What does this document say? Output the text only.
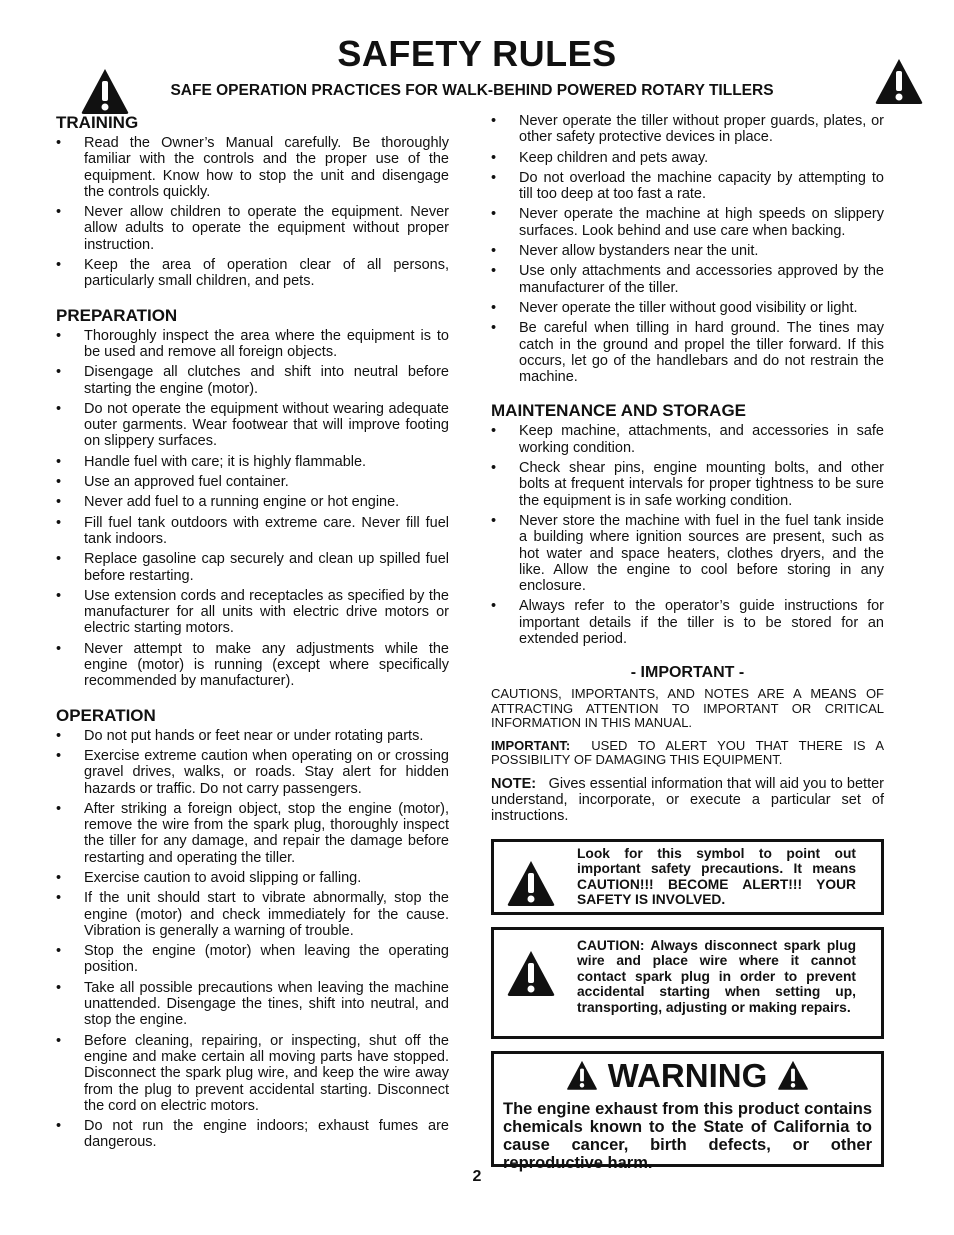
SAFETY RULES
SAFE OPERATION PRACTICES FOR WALK-BEHIND POWERED ROTARY TILLERS
TRAINING
• Read the Owner’s Manual carefully. Be thoroughly familiar with the controls and the proper use of the equipment. Know how to stop the unit and disengage the controls quickly.
• Never allow children to operate the equipment. Never allow adults to operate the equipment without proper instruction.
• Keep the area of operation clear of all persons, particularly small children, and pets.
PREPARATION
• Thoroughly inspect the area where the equipment is to be used and remove all foreign objects.
• Disengage all clutches and shift into neutral before starting the engine (motor).
• Do not operate the equipment without wearing adequate outer garments. Wear footwear that will improve footing on slippery surfaces.
• Handle fuel with care; it is highly flammable.
• Use an approved fuel container.
• Never add fuel to a running engine or hot engine.
• Fill fuel tank outdoors with extreme care. Never fill fuel tank indoors.
• Replace gasoline cap securely and clean up spilled fuel before restarting.
• Use extension cords and receptacles as specified by the manufacturer for all units with electric drive motors or electric starting motors.
• Never attempt to make any adjustments while the engine (motor) is running (except where specifically recommended by manufacturer).
OPERATION
• Do not put hands or feet near or under rotating parts.
• Exercise extreme caution when operating on or crossing gravel drives, walks, or roads. Stay alert for hidden hazards or traffic. Do not carry passengers.
• After striking a foreign object, stop the engine (motor), remove the wire from the spark plug, thoroughly inspect the tiller for any damage, and repair the damage before restarting and operating the tiller.
• Exercise caution to avoid slipping or falling.
• If the unit should start to vibrate abnormally, stop the engine (motor) and check immediately for the cause. Vibration is generally a warning of trouble.
• Stop the engine (motor) when leaving the operating position.
• Take all possible precautions when leaving the machine unattended. Disengage the tines, shift into neutral, and stop the engine.
• Before cleaning, repairing, or inspecting, shut off the engine and make certain all moving parts have stopped. Disconnect the spark plug wire, and keep the wire away from the plug to prevent accidental starting. Disconnect the cord on electric motors.
• Do not run the engine indoors; exhaust fumes are dangerous.
• Never operate the tiller without proper guards, plates, or other safety protective devices in place.
• Keep children and pets away.
• Do not overload the machine capacity by attempting to till too deep at too fast a rate.
• Never operate the machine at high speeds on slippery surfaces. Look behind and use care when backing.
• Never allow bystanders near the unit.
• Use only attachments and accessories approved by the manufacturer of the tiller.
• Never operate the tiller without good visibility or light.
• Be careful when tilling in hard ground. The tines may catch in the ground and propel the tiller forward. If this occurs, let go of the handlebars and do not restrain the machine.
MAINTENANCE AND STORAGE
• Keep machine, attachments, and accessories in safe working condition.
• Check shear pins, engine mounting bolts, and other bolts at frequent intervals for proper tightness to be sure the equipment is in safe working condition.
• Never store the machine with fuel in the fuel tank inside a building where ignition sources are present, such as hot water and space heaters, clothes dryers, and the like. Allow the engine to cool before storing in any enclosure.
• Always refer to the operator’s guide instructions for important details if the tiller is to be stored for an extended period.
- IMPORTANT -

CAUTIONS, IMPORTANTS, AND NOTES ARE A MEANS OF ATTRACTING ATTENTION TO IMPORTANT OR CRITICAL INFORMATION IN THIS MANUAL.

IMPORTANT: USED TO ALERT YOU THAT THERE IS A POSSIBILITY OF DAMAGING THIS EQUIPMENT.

NOTE: Gives essential information that will aid you to better understand, incorporate, or execute a particular set of instructions.

Look for this symbol to point out important safety precautions. It means CAUTION!!! BECOME ALERT!!! YOUR SAFETY IS INVOLVED.
CAUTION: Always disconnect spark plug wire and place wire where it cannot contact spark plug in order to prevent accidental starting when setting up, transporting, adjusting or making repairs.
WARNING
The engine exhaust from this product contains chemicals known to the State of California to cause cancer, birth defects, or other reproductive harm.
2
